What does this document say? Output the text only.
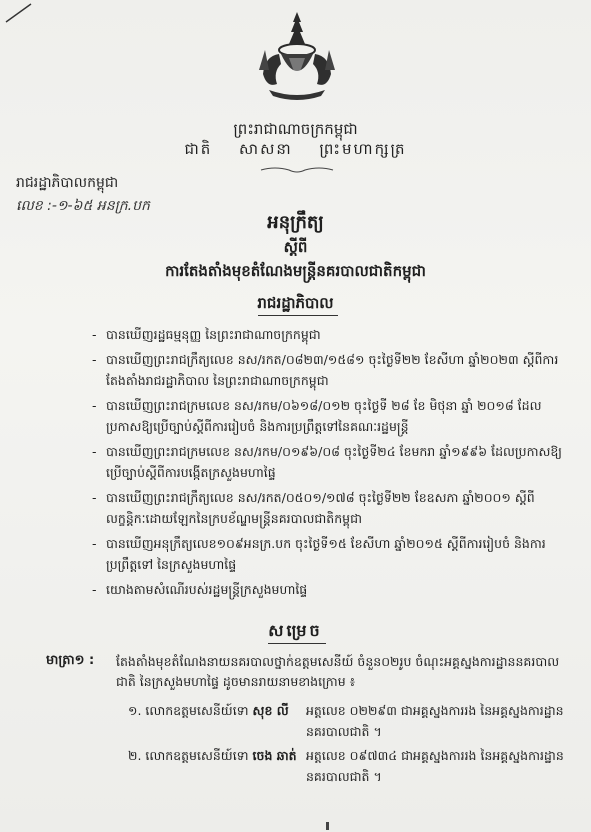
ព្រះរាជាណាចក្រកម្ពុជា
ជាតិ សាសនា ព្រះមហាក្សត្រ
រាជរដ្ឋាភិបាលកម្ពុជា
លេខ :-១-៦៥ អនក្រ.បក
អនុក្រឹត្យ
ស្តីពី
ការតែងតាំងមុខតំណែងមន្ត្រីនគរបាលជាតិកម្ពុជា
រាជរដ្ឋាភិបាល
- បានឃើញរដ្ឋធម្មនុញ្ញ នៃព្រះរាជាណាចក្រកម្ពុជា
- បានឃើញព្រះរាជក្រឹត្យលេខ នស/រកត/០៨២៣/១៥៨១ ចុះថ្ងៃទី២២ ខែសីហា ឆ្នាំ២០២៣ ស្តីពីការតែងតាំងរាជរដ្ឋាភិបាល នៃព្រះរាជាណាចក្រកម្ពុជា
- បានឃើញព្រះរាជក្រមលេខ នស/រកម/០៦១៨/០១២ ចុះថ្ងៃទី ២៨ ខែ មិថុនា ឆ្នាំ ២០១៨ ដែលប្រកាសឱ្យប្រើច្បាប់ស្តីពីការរៀបចំ និងការប្រព្រឹត្តទៅនៃគណៈរដ្ឋមន្ត្រី
- បានឃើញព្រះរាជក្រមលេខ នស/រកម/០១៩៦/០៨ ចុះថ្ងៃទី២៤ ខែមករា ឆ្នាំ១៩៩៦ ដែលប្រកាសឱ្យប្រើច្បាប់ស្តីពីការបង្កើតក្រសួងមហាផ្ទៃ
- បានឃើញព្រះរាជក្រឹត្យលេខ នស/រកត/០៥០១/១៧៨ ចុះថ្ងៃទី២២ ខែឧសភា ឆ្នាំ២០០១ ស្តីពីលក្ខន្តិកៈដោយឡែកនៃក្របខ័ណ្ឌមន្ត្រីនគរបាលជាតិកម្ពុជា
- បានឃើញអនុក្រឹត្យលេខ១០៩អនក្រ.បក ចុះថ្ងៃទី១៥ ខែសីហា ឆ្នាំ២០១៥ ស្តីពីការរៀបចំ និងការប្រព្រឹត្តទៅ នៃក្រសួងមហាផ្ទៃ
- យោងតាមសំណើរបស់រដ្ឋមន្ត្រីក្រសួងមហាផ្ទៃ
សម្រេច
មាត្រា១ : តែងតាំងមុខតំណែងនាយនគរបាលថ្នាក់ឧត្តមសេនីយ៍ ចំនួន០២រូប ចំណុះអគ្គស្នងការដ្ឋាននគរបាលជាតិ នៃក្រសួងមហាផ្ទៃ ដូចមានរាយនាមខាងក្រោម ៖
១. លោកឧត្តមសេនីយ៍ទោ សុខ លី អត្តលេខ ០២២៩៣ ជាអគ្គស្នងការរង នៃអគ្គស្នងការដ្ឋាននគរបាលជាតិ ។
២. លោកឧត្តមសេនីយ៍ទោ ចេង ឆាត់ អត្តលេខ ០៩៧៣៤ ជាអគ្គស្នងការរង នៃអគ្គស្នងការដ្ឋាននគរបាលជាតិ ។
